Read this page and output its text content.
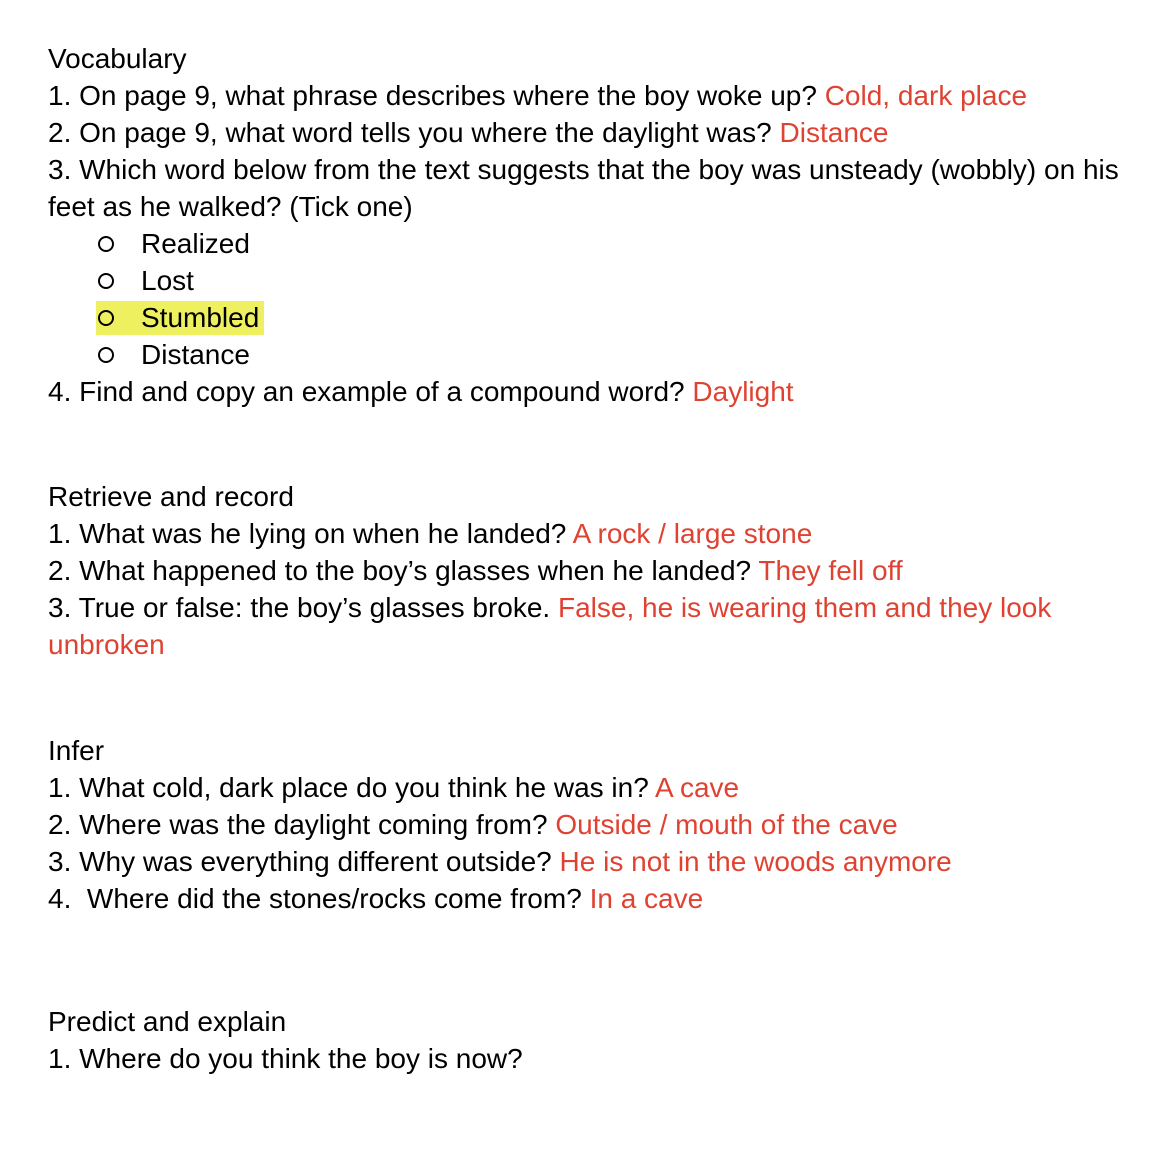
Vocabulary

1. On page 9, what phrase describes where the boy woke up? Cold, dark place

2. On page 9, what word tells you where the daylight was? Distance

3. Which word below from the text suggests that the boy was unsteady (wobbly) on his feet as he walked? (Tick one)

Realized
Lost
Stumbled
Distance

4. Find and copy an example of a compound word? Daylight

Retrieve and record

1. What was he lying on when he landed? A rock / large stone

2. What happened to the boy’s glasses when he landed? They fell off

3. True or false: the boy’s glasses broke. False, he is wearing them and they look unbroken

Infer

1. What cold, dark place do you think he was in? A cave

2. Where was the daylight coming from? Outside / mouth of the cave

3. Why was everything different outside? He is not in the woods anymore

4.  Where did the stones/rocks come from? In a cave

Predict and explain

1. Where do you think the boy is now?
